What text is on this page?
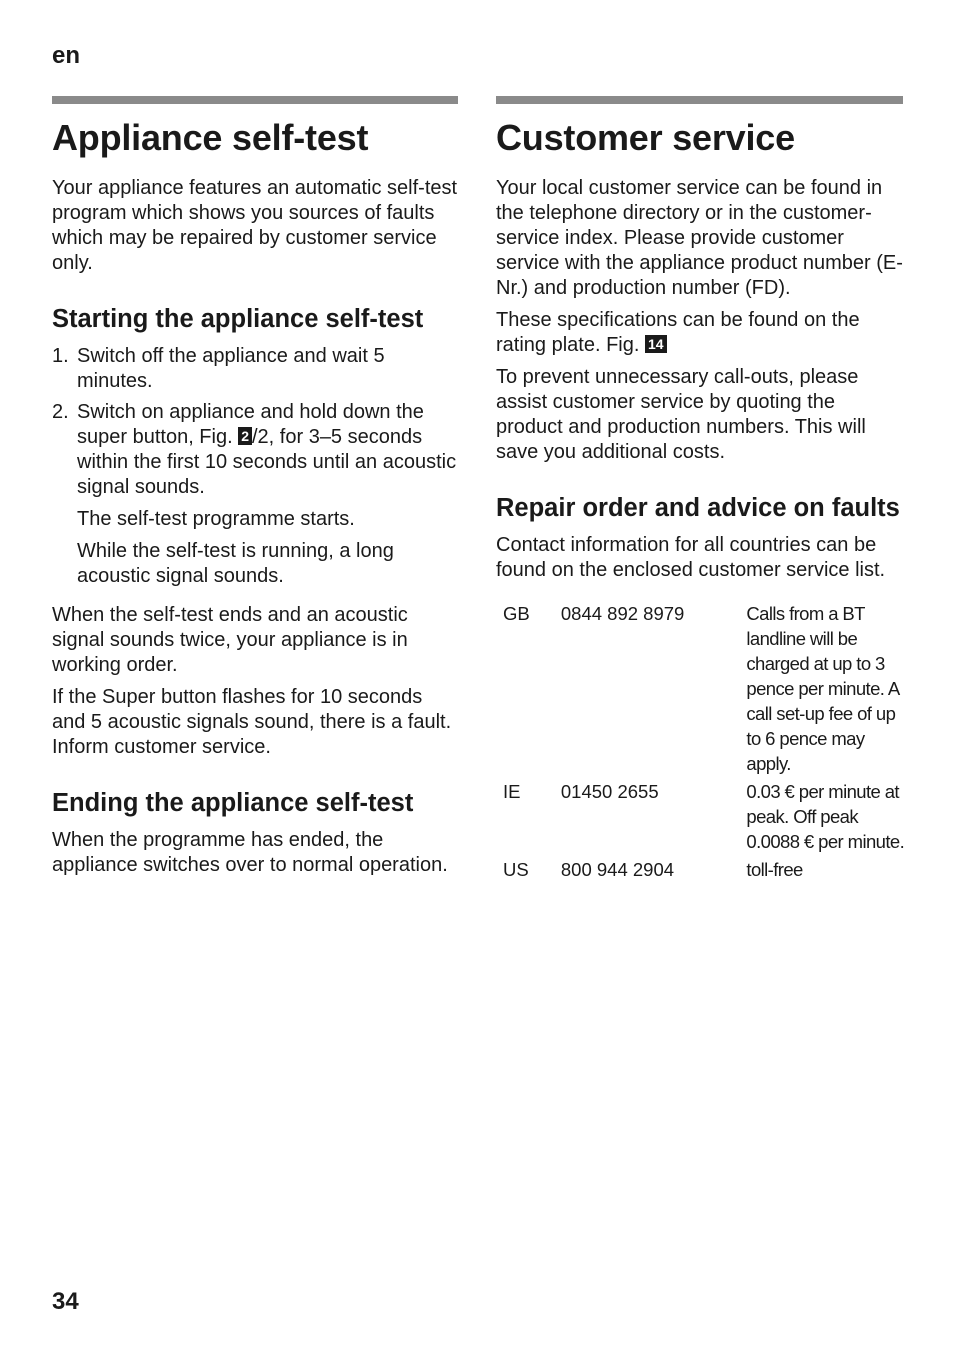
en
Appliance self-test

Your appliance features an automatic self-test program which shows you sources of faults which may be repaired by customer service only.

Starting the appliance self-test
1. Switch off the appliance and wait 5 minutes.
2. Switch on appliance and hold down the super button, Fig. 2 /2, for 3–5 seconds within the first 10 seconds until an acoustic signal sounds.

The self-test programme starts.

While the self-test is running, a long acoustic signal sounds.

When the self-test ends and an acoustic signal sounds twice, your appliance is in working order.

If the Super button flashes for 10 seconds and 5 acoustic signals sound, there is a fault. Inform customer service.

Ending the appliance self-test

When the programme has ended, the appliance switches over to normal operation.

Customer service

Your local customer service can be found in the telephone directory or in the customer-service index. Please provide customer service with the appliance product number (E-Nr.) and production number (FD).

These specifications can be found on the rating plate. Fig. 14

To prevent unnecessary call-outs, please assist customer service by quoting the product and production numbers. This will save you additional costs.

Repair order and advice on faults

Contact information for all countries can be found on the enclosed customer service list.

GB	0844 892 8979	Calls from a BT landline will be charged at up to 3 pence per minute. A call set-up fee of up to 6 pence may apply.
IE	01450 2655	0.03 € per minute at peak. Off peak 0.0088 € per minute.
US	800 944 2904	toll-free
34
